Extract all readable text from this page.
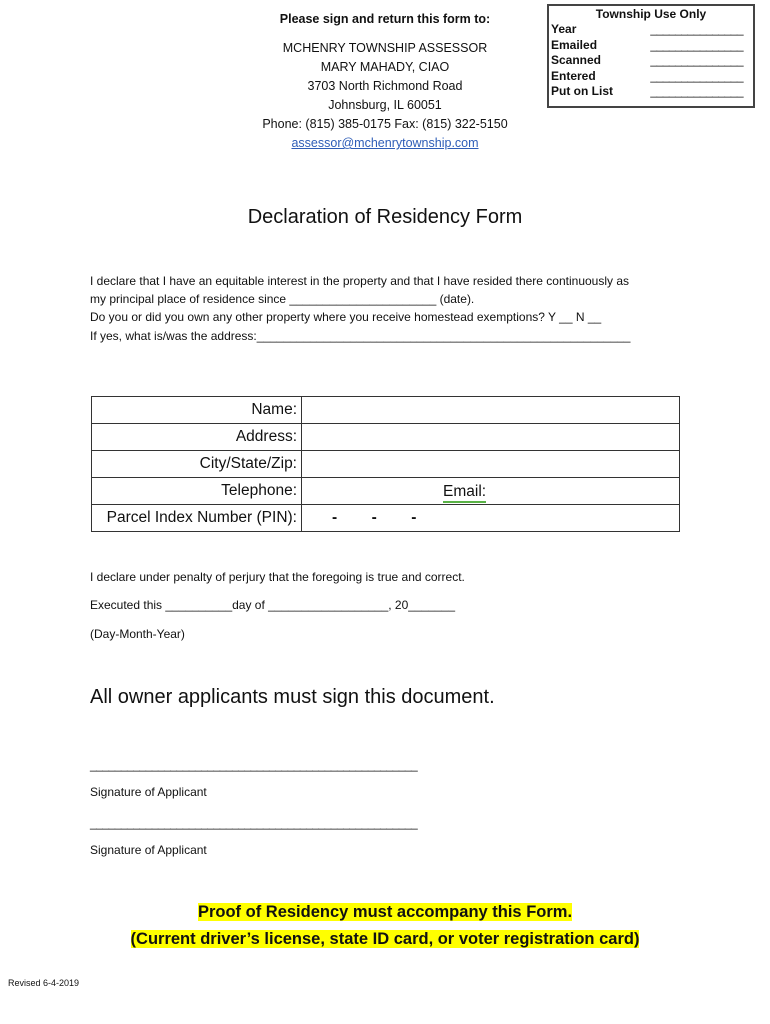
Please sign and return this form to:
MCHENRY TOWNSHIP ASSESSOR
MARY MAHADY, CIAO
3703 North Richmond Road
Johnsburg, IL 60051
Phone: (815) 385-0175 Fax: (815) 322-5150
assessor@mchenrytownship.com
Township Use Only
Year	_______________
Emailed	_______________
Scanned	_______________
Entered	_______________
Put on List	_______________
Declaration of Residency Form
I declare that I have an equitable interest in the property and that I have resided there continuously as
my principal place of residence since ______________________ (date).
Do you or did you own any other property where you receive homestead exemptions? Y __ N __
If yes, what is/was the address:________________________________________________________
Name:	
Address:	
City/State/Zip:	
Telephone:	Email:

Parcel Index Number (PIN):	-        -        -
I declare under penalty of perjury that the foregoing is true and correct.
Executed this __________day of __________________, 20_______
(Day-Month-Year)
All owner applicants must sign this document.
_____________________________________________________
Signature of Applicant
_____________________________________________________
Signature of Applicant
Proof of Residency must accompany this Form.
(Current driver’s license, state ID card, or voter registration card)
Revised 6-4-2019
